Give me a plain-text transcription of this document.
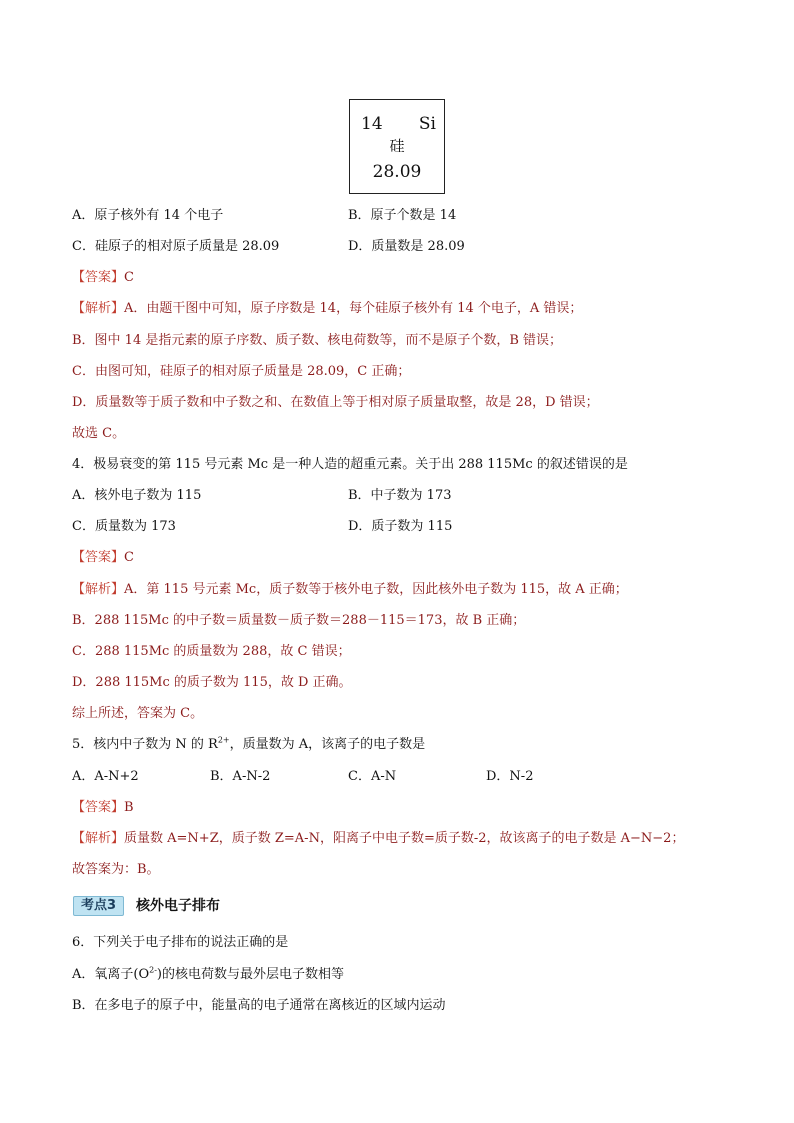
14 Si
硅
28.09
A．原子核外有 14 个电子	B．原子个数是 14
C．硅原子的相对原子质量是 28.09	D．质量数是 28.09
【答案】C
【解析】A．由题干图中可知，原子序数是 14，每个硅原子核外有 14 个电子，A 错误；
B．图中 14 是指元素的原子序数、质子数、核电荷数等，而不是原子个数，B 错误；
C．由图可知，硅原子的相对原子质量是 28.09，C 正确；
D．质量数等于质子数和中子数之和、在数值上等于相对原子质量取整，故是 28，D 错误；
故选 C。
4．极易衰变的第 115 号元素 Mc 是一种人造的超重元素。关于出 288 115Mc 的叙述错误的是
A．核外电子数为 115	B．中子数为 173
C．质量数为 173	D．质子数为 115
【答案】C
【解析】A．第 115 号元素 Mc，质子数等于核外电子数，因此核外电子数为 115，故 A 正确；
B．288 115Mc 的中子数＝质量数－质子数＝288－115＝173，故 B 正确；
C．288 115Mc 的质量数为 288，故 C 错误；
D．288 115Mc 的质子数为 115，故 D 正确。
综上所述，答案为 C。
5．核内中子数为 N 的 $R^{2+}$，质量数为 A，该离子的电子数是
A．A-N+2	B．A-N-2	C．A-N	D．N-2
【答案】B
【解析】质量数 A=N+Z，质子数 Z=A-N，阳离子中电子数=质子数-2，故该离子的电子数是 A−N−2；
故答案为：B。
考点3	核外电子排布
6．下列关于电子排布的说法正确的是
A．氧离子$(O^{2-})$的核电荷数与最外层电子数相等
B．在多电子的原子中，能量高的电子通常在离核近的区域内运动
